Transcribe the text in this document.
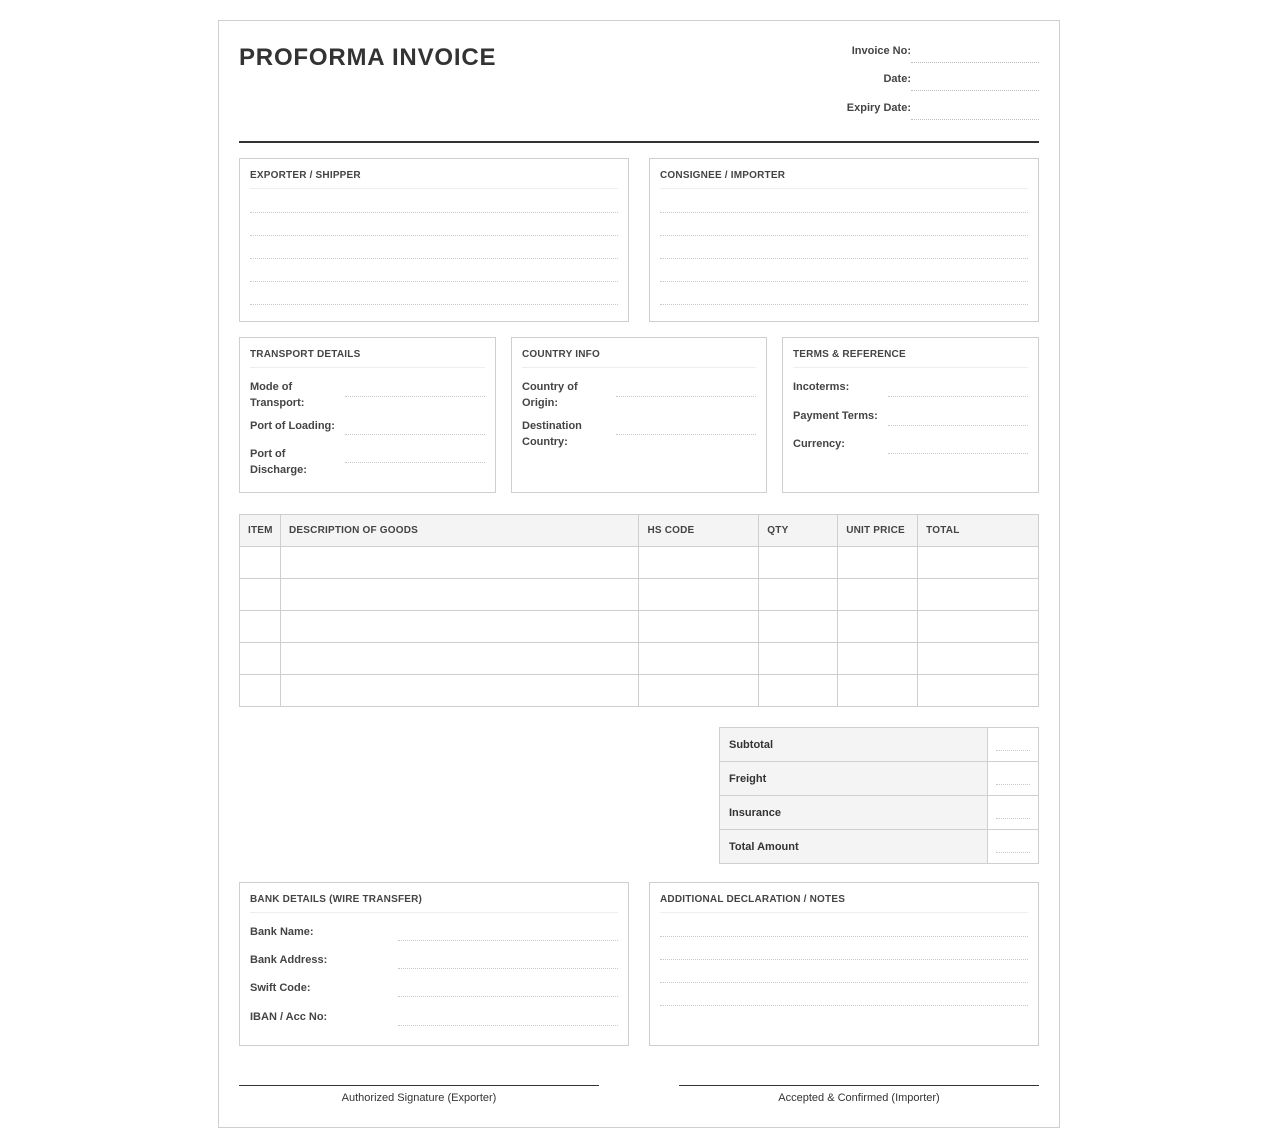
PROFORMA INVOICE	Invoice No:
Date:
Expiry Date:
EXPORTER / SHIPPER	CONSIGNEE / IMPORTER
TRANSPORT DETAILS
Mode of Transport:
Port of Loading:
Port of Discharge:
COUNTRY INFO
Country of Origin:
Destination Country:
TERMS & REFERENCE
Incoterms:
Payment Terms:
Currency:
ITEM	DESCRIPTION OF GOODS	HS CODE	QTY	UNIT PRICE	TOTAL

Subtotal	

Freight	

Insurance	

Total Amount	
BANK DETAILS (WIRE TRANSFER)
Bank Name:
Bank Address:
Swift Code:
IBAN / Acc No:
ADDITIONAL DECLARATION / NOTES
Authorized Signature (Exporter)	Accepted & Confirmed (Importer)
